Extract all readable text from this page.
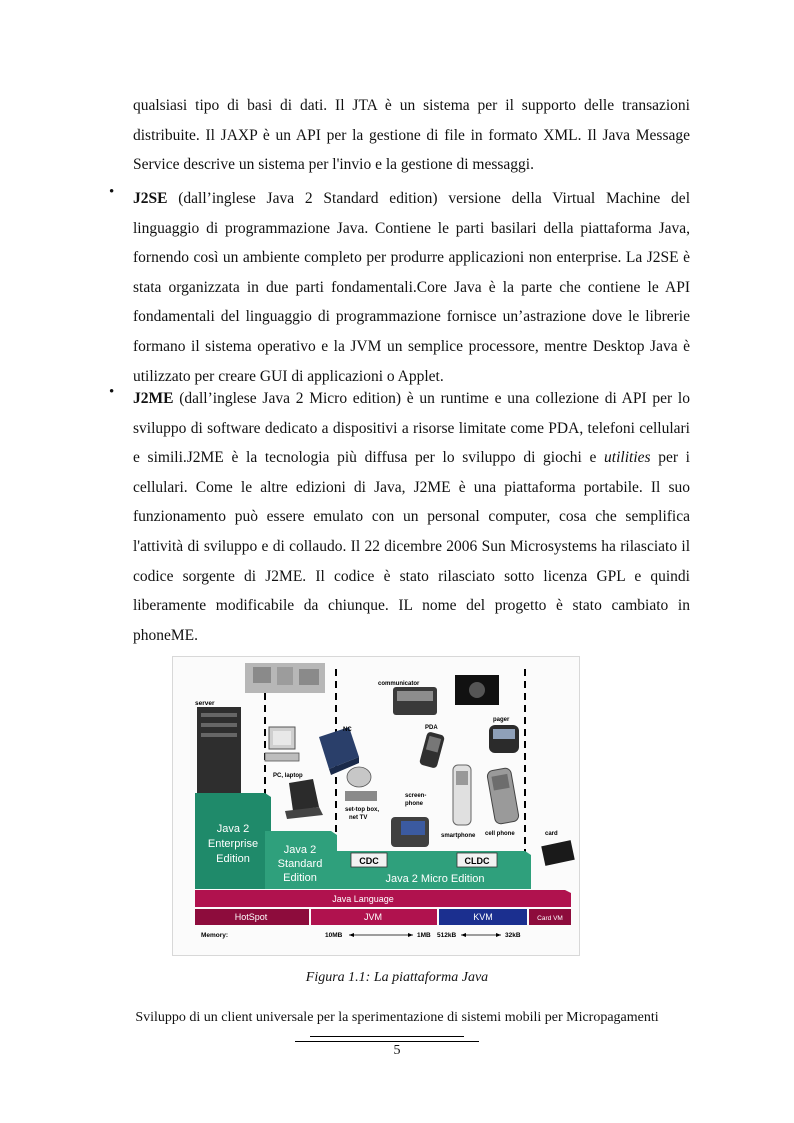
qualsiasi tipo di basi di dati. Il JTA è un sistema per il supporto delle transazioni distribuite. Il JAXP è un API per la gestione di file in formato XML. Il Java Message Service descrive un sistema per l'invio e la gestione di messaggi.

• J2SE (dall’inglese Java 2 Standard edition) versione della Virtual Machine del linguaggio di programmazione Java. Contiene le parti basilari della piattaforma Java, fornendo così un ambiente completo per produrre applicazioni non enterprise. La J2SE è stata organizzata in due parti fondamentali.Core Java è la parte che contiene le API fondamentali del linguaggio di programmazione fornisce un’astrazione dove le librerie formano il sistema operativo e la JVM un semplice processore, mentre Desktop Java è utilizzato per creare GUI di applicazioni o Applet.

• J2ME (dall’inglese Java 2 Micro edition) è un runtime e una collezione di API per lo sviluppo di software dedicato a dispositivi a risorse limitate come PDA, telefoni cellulari e simili.J2ME è la tecnologia più diffusa per lo sviluppo di giochi e utilities per i cellulari. Come le altre edizioni di Java, J2ME è una piattaforma portabile. Il suo funzionamento può essere emulato con un personal computer, cosa che semplifica l'attività di sviluppo e di collaudo. Il 22 dicembre 2006 Sun Microsystems ha rilasciato il codice sorgente di J2ME. Il codice è stato rilasciato sotto licenza GPL e quindi liberamente modificabile da chiunque. IL nome del progetto è stato cambiato in phoneME.

server
PC, laptop
NC
communicator
pager
PDA
set-top box,
net TV
screen-
phone
smartphone cell phone	card
Java 2
Enterprise
Edition
Java 2
Standard
Edition
CDC	CLDC
Java 2 Micro Edition
Java Language
HotSpot	JVM	KVM	Card VM
Memory:	10MB	1MB 512kB	32kB
Figura 1.1: La piattaforma Java
Sviluppo di un client universale per la sperimentazione di sistemi mobili per Micropagamenti
5
